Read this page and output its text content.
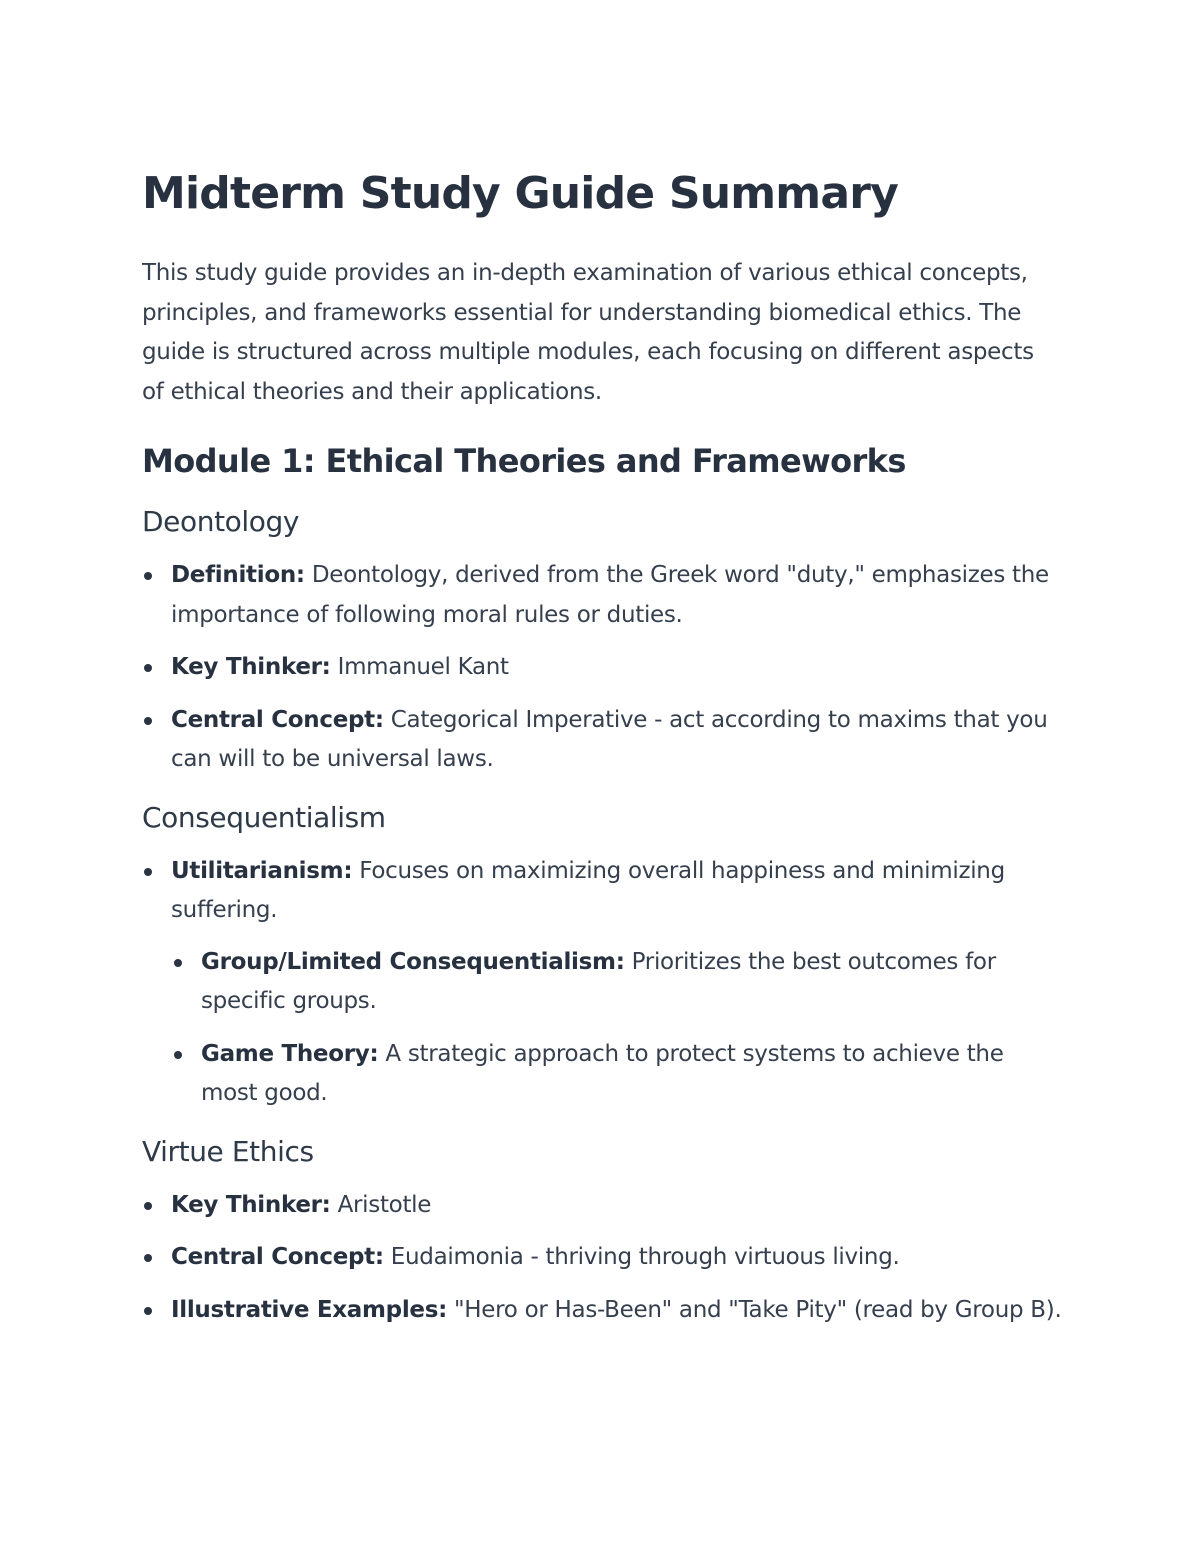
Midterm Study Guide Summary

This study guide provides an in-depth examination of various ethical concepts, principles, and frameworks essential for understanding biomedical ethics. The guide is structured across multiple modules, each focusing on different aspects of ethical theories and their applications.

Module 1: Ethical Theories and Frameworks
Deontology
Definition: Deontology, derived from the Greek word "duty," emphasizes the importance of following moral rules or duties.
Key Thinker: Immanuel Kant
Central Concept: Categorical Imperative - act according to maxims that you can will to be universal laws.
Consequentialism
Utilitarianism: Focuses on maximizing overall happiness and minimizing suffering.
Group/Limited Consequentialism: Prioritizes the best outcomes for specific groups.
Game Theory: A strategic approach to protect systems to achieve the most good.
Virtue Ethics
Key Thinker: Aristotle
Central Concept: Eudaimonia - thriving through virtuous living.
Illustrative Examples: "Hero or Has-Been" and "Take Pity" (read by Group B).
